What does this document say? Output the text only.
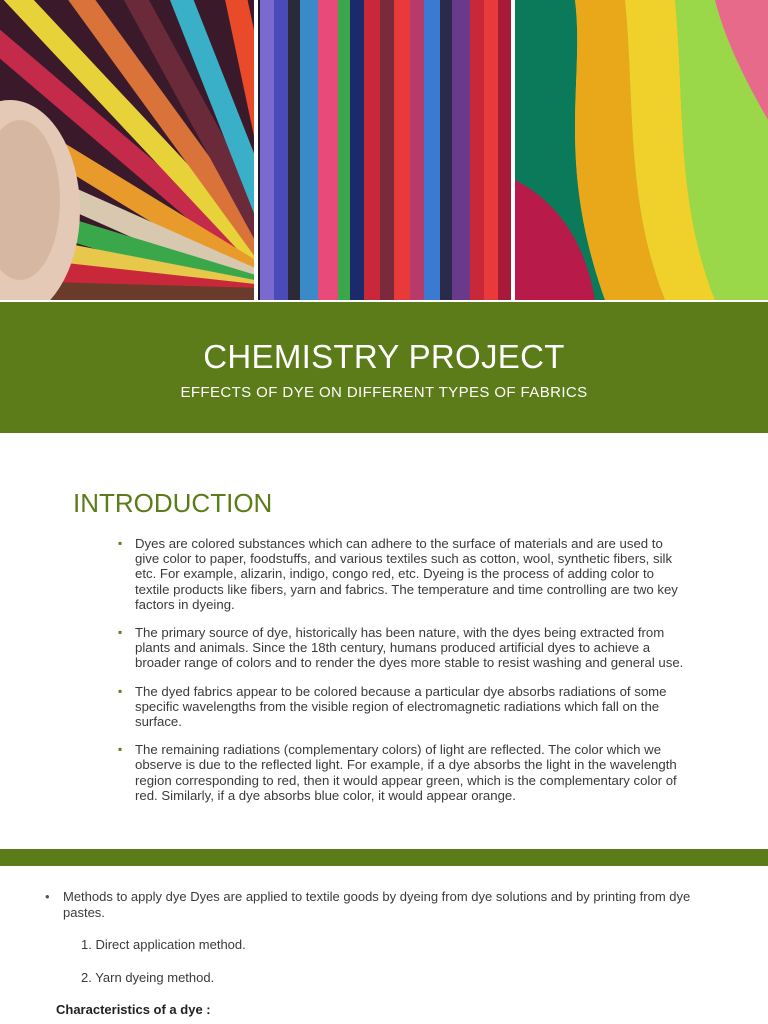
CHEMISTRY PROJECT
EFFECTS OF DYE ON DIFFERENT TYPES OF FABRICS
INTRODUCTION
▪ Dyes are colored substances which can adhere to the surface of materials and are used to give color to paper, foodstuffs, and various textiles such as cotton, wool, synthetic fibers, silk etc. For example, alizarin, indigo, congo red, etc. Dyeing is the process of adding color to textile products like fibers, yarn and fabrics. The temperature and time controlling are two key factors in dyeing.
▪ The primary source of dye, historically has been nature, with the dyes being extracted from plants and animals. Since the 18th century, humans produced artificial dyes to achieve a broader range of colors and to render the dyes more stable to resist washing and general use.
▪ The dyed fabrics appear to be colored because a particular dye absorbs radiations of some specific wavelengths from the visible region of electromagnetic radiations which fall on the surface.
▪ The remaining radiations (complementary colors) of light are reflected. The color which we observe is due to the reflected light. For example, if a dye absorbs the light in the wavelength region corresponding to red, then it would appear green, which is the complementary color of red. Similarly, if a dye absorbs blue color, it would appear orange.
• Methods to apply dye Dyes are applied to textile goods by dyeing from dye solutions and by printing from dye pastes.
1. Direct application method.
2. Yarn dyeing method.
Characteristics of a dye :
